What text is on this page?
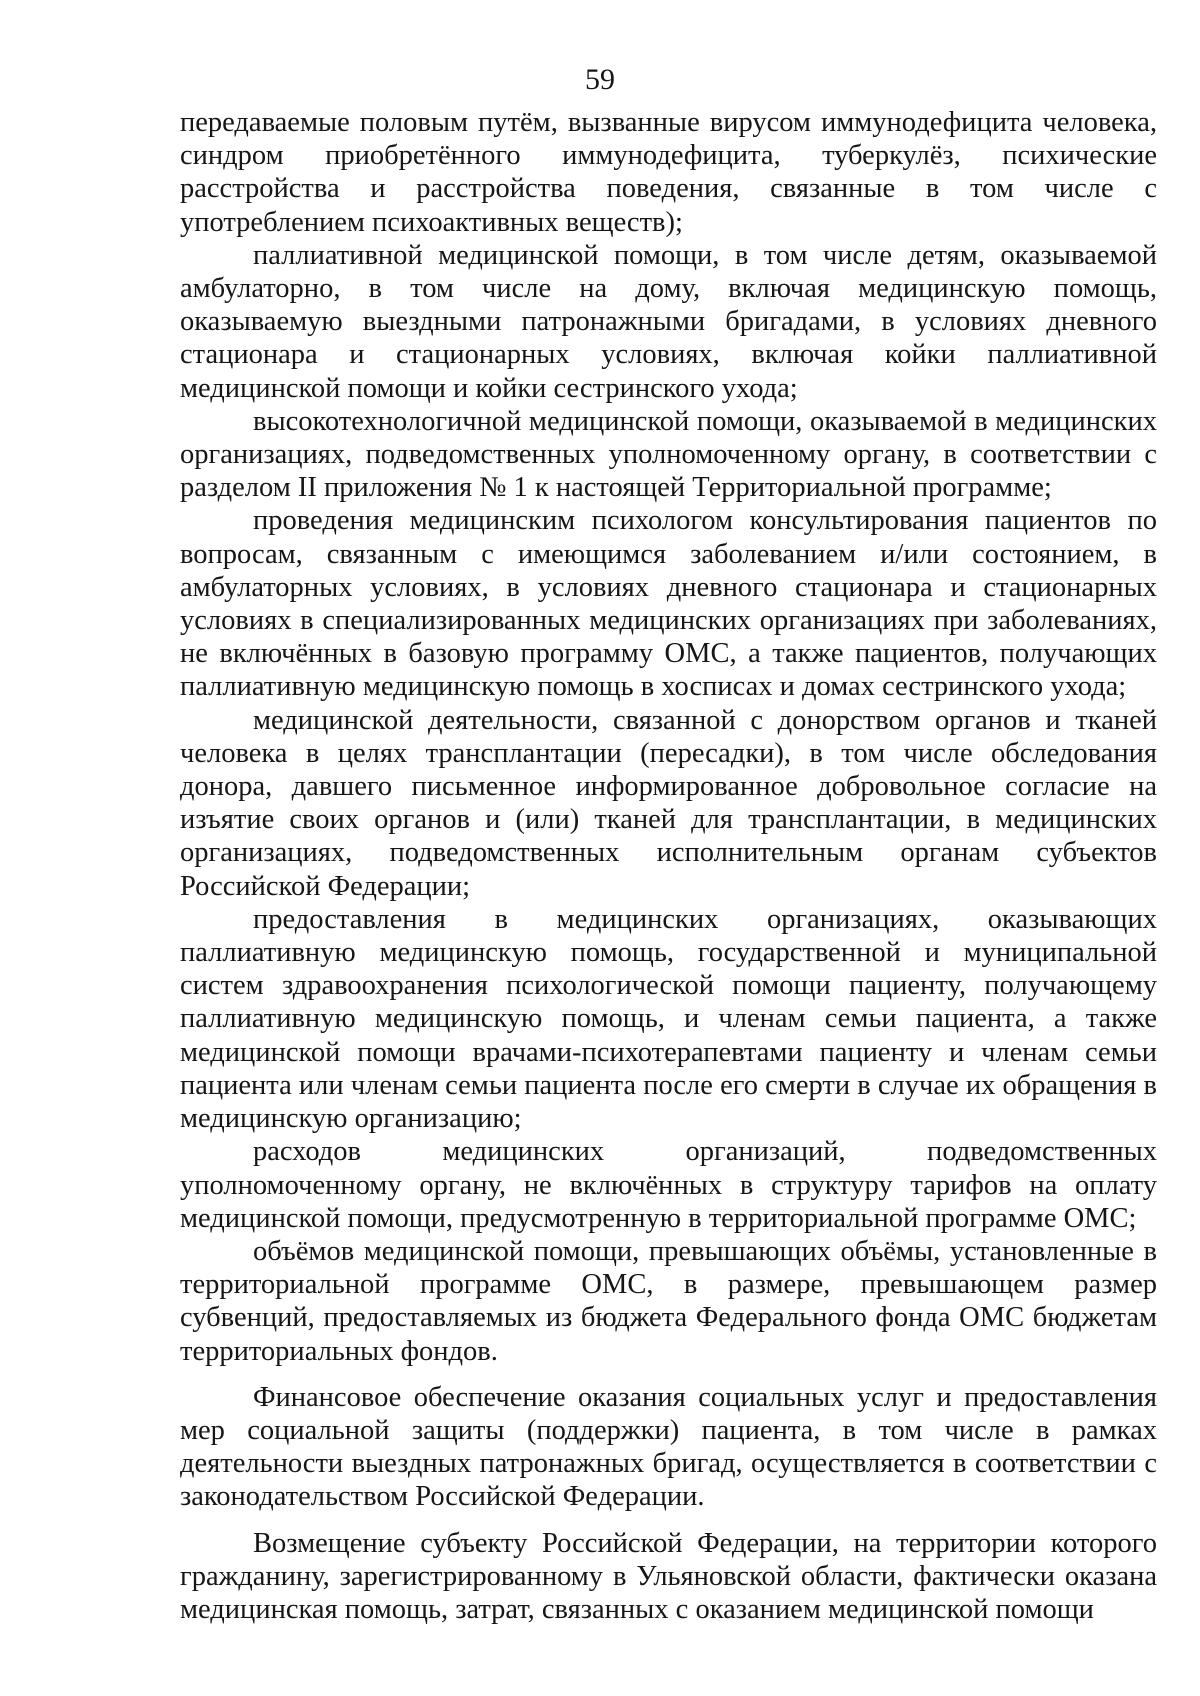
59

передаваемые половым путём, вызванные вирусом иммунодефицита человека, синдром приобретённого иммунодефицита, туберкулёз, психические расстройства и расстройства поведения, связанные в том числе с употреблением психоактивных веществ);

паллиативной медицинской помощи, в том числе детям, оказываемой амбулаторно, в том числе на дому, включая медицинскую помощь, оказываемую выездными патронажными бригадами, в условиях дневного стационара и стационарных условиях, включая койки паллиативной медицинской помощи и койки сестринского ухода;

высокотехнологичной медицинской помощи, оказываемой в медицинских организациях, подведомственных уполномоченному органу, в соответствии с разделом II приложения № 1 к настоящей Территориальной программе;

проведения медицинским психологом консультирования пациентов по вопросам, связанным с имеющимся заболеванием и/или состоянием, в амбулаторных условиях, в условиях дневного стационара и стационарных условиях в специализированных медицинских организациях при заболеваниях, не включённых в базовую программу ОМС, а также пациентов, получающих паллиативную медицинскую помощь в хосписах и домах сестринского ухода;

медицинской деятельности, связанной с донорством органов и тканей человека в целях трансплантации (пересадки), в том числе обследования донора, давшего письменное информированное добровольное согласие на изъятие своих органов и (или) тканей для трансплантации, в медицинских организациях, подведомственных исполнительным органам субъектов Российской Федерации;

предоставления в медицинских организациях, оказывающих паллиативную медицинскую помощь, государственной и муниципальной систем здравоохранения психологической помощи пациенту, получающему паллиативную медицинскую помощь, и членам семьи пациента, а также медицинской помощи врачами-психотерапевтами пациенту и членам семьи пациента или членам семьи пациента после его смерти в случае их обращения в медицинскую организацию;

расходов медицинских организаций, подведомственных уполномоченному органу, не включённых в структуру тарифов на оплату медицинской помощи, предусмотренную в территориальной программе ОМС;

объёмов медицинской помощи, превышающих объёмы, установленные в территориальной программе ОМС, в размере, превышающем размер субвенций, предоставляемых из бюджета Федерального фонда ОМС бюджетам территориальных фондов.

Финансовое обеспечение оказания социальных услуг и предоставления мер социальной защиты (поддержки) пациента, в том числе в рамках деятельности выездных патронажных бригад, осуществляется в соответствии с законодательством Российской Федерации.

Возмещение субъекту Российской Федерации, на территории которого гражданину, зарегистрированному в Ульяновской области, фактически оказана медицинская помощь, затрат, связанных с оказанием медицинской помощи
